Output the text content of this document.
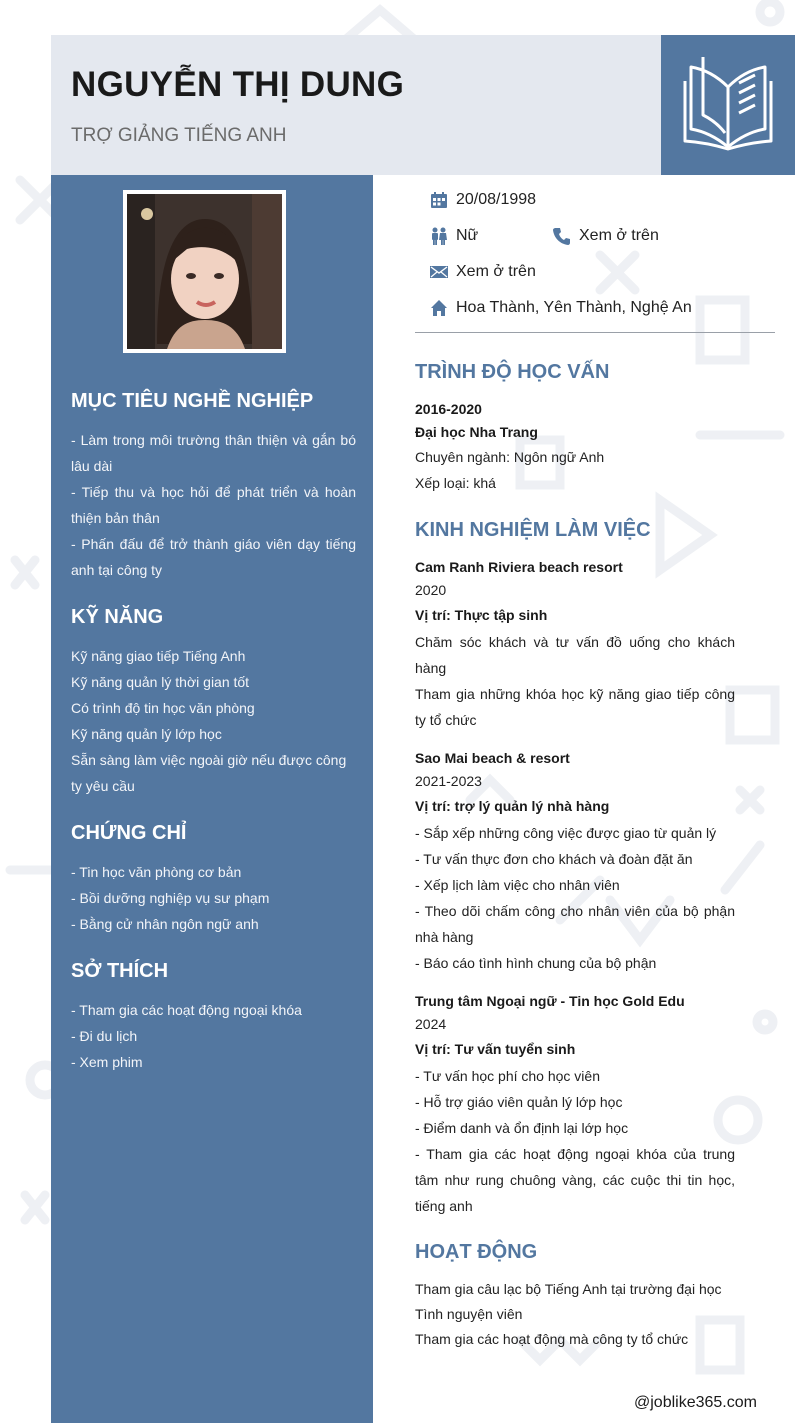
NGUYỄN THỊ DUNG
TRỢ GIẢNG TIẾNG ANH
MỤC TIÊU NGHỀ NGHIỆP
- Làm trong môi trường thân thiện và gắn bó lâu dài
- Tiếp thu và học hỏi để phát triển và hoàn thiện bản thân
- Phấn đấu để trở thành giáo viên dạy tiếng anh tại công ty
KỸ NĂNG
Kỹ năng giao tiếp Tiếng Anh
Kỹ năng quản lý thời gian tốt
Có trình độ tin học văn phòng
Kỹ năng quản lý lớp học
Sẵn sàng làm việc ngoài giờ nếu được công ty yêu cầu
CHỨNG CHỈ
- Tin học văn phòng cơ bản
- Bồi dưỡng nghiệp vụ sư phạm
- Bằng cử nhân ngôn ngữ anh
SỞ THÍCH
- Tham gia các hoạt động ngoại khóa
- Đi du lịch
- Xem phim
20/08/1998
Nữ	Xem ở trên
Xem ở trên
Hoa Thành, Yên Thành, Nghệ An
TRÌNH ĐỘ HỌC VẤN
2016-2020
Đại học Nha Trang
Chuyên ngành: Ngôn ngữ Anh
Xếp loại: khá
KINH NGHIỆM LÀM VIỆC
Cam Ranh Riviera beach resort
2020
Vị trí: Thực tập sinh
Chăm sóc khách và tư vấn đồ uống cho khách hàng
Tham gia những khóa học kỹ năng giao tiếp công ty tổ chức
Sao Mai beach & resort
2021-2023
Vị trí: trợ lý quản lý nhà hàng
- Sắp xếp những công việc được giao từ quản lý
- Tư vấn thực đơn cho khách và đoàn đặt ăn
- Xếp lịch làm việc cho nhân viên
- Theo dõi chấm công cho nhân viên của bộ phận nhà hàng
- Báo cáo tình hình chung của bộ phận
Trung tâm Ngoại ngữ - Tin học Gold Edu
2024
Vị trí: Tư vấn tuyển sinh
- Tư vấn học phí cho học viên
- Hỗ trợ giáo viên quản lý lớp học
- Điểm danh và ổn định lại lớp học
- Tham gia các hoạt động ngoại khóa của trung tâm như rung chuông vàng, các cuộc thi tin học, tiếng anh
HOẠT ĐỘNG
Tham gia câu lạc bộ Tiếng Anh tại trường đại học
Tình nguyện viên
Tham gia các hoạt động mà công ty tổ chức
@joblike365.com
